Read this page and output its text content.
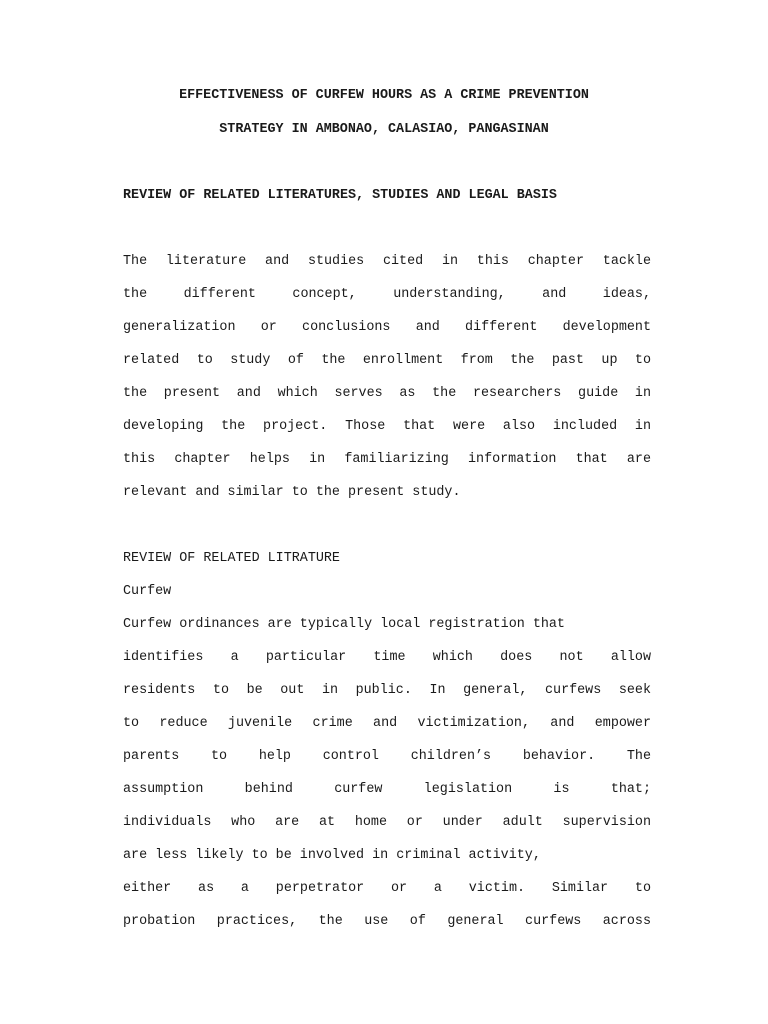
EFFECTIVENESS OF CURFEW HOURS AS A CRIME PREVENTION
STRATEGY IN AMBONAO, CALASIAO, PANGASINAN
REVIEW OF RELATED LITERATURES, STUDIES AND LEGAL BASIS
The literature and studies cited in this chapter tackle
the different concept, understanding, and ideas,
generalization or conclusions and different development
related to study of the enrollment from the past up to
the present and which serves as the researchers guide in
developing the project. Those that were also included in
this chapter helps in familiarizing information that are
relevant and similar to the present study.
REVIEW OF RELATED LITRATURE
Curfew
Curfew ordinances are typically local registration that
identifies a particular time which does not allow
residents to be out in public. In general, curfews seek
to reduce juvenile crime and victimization, and empower
parents to help control children’s behavior. The
assumption behind curfew legislation is that;
individuals who are at home or under adult supervision
are less likely to be involved in criminal activity,
either as a perpetrator or a victim. Similar to
probation practices, the use of general curfews across
